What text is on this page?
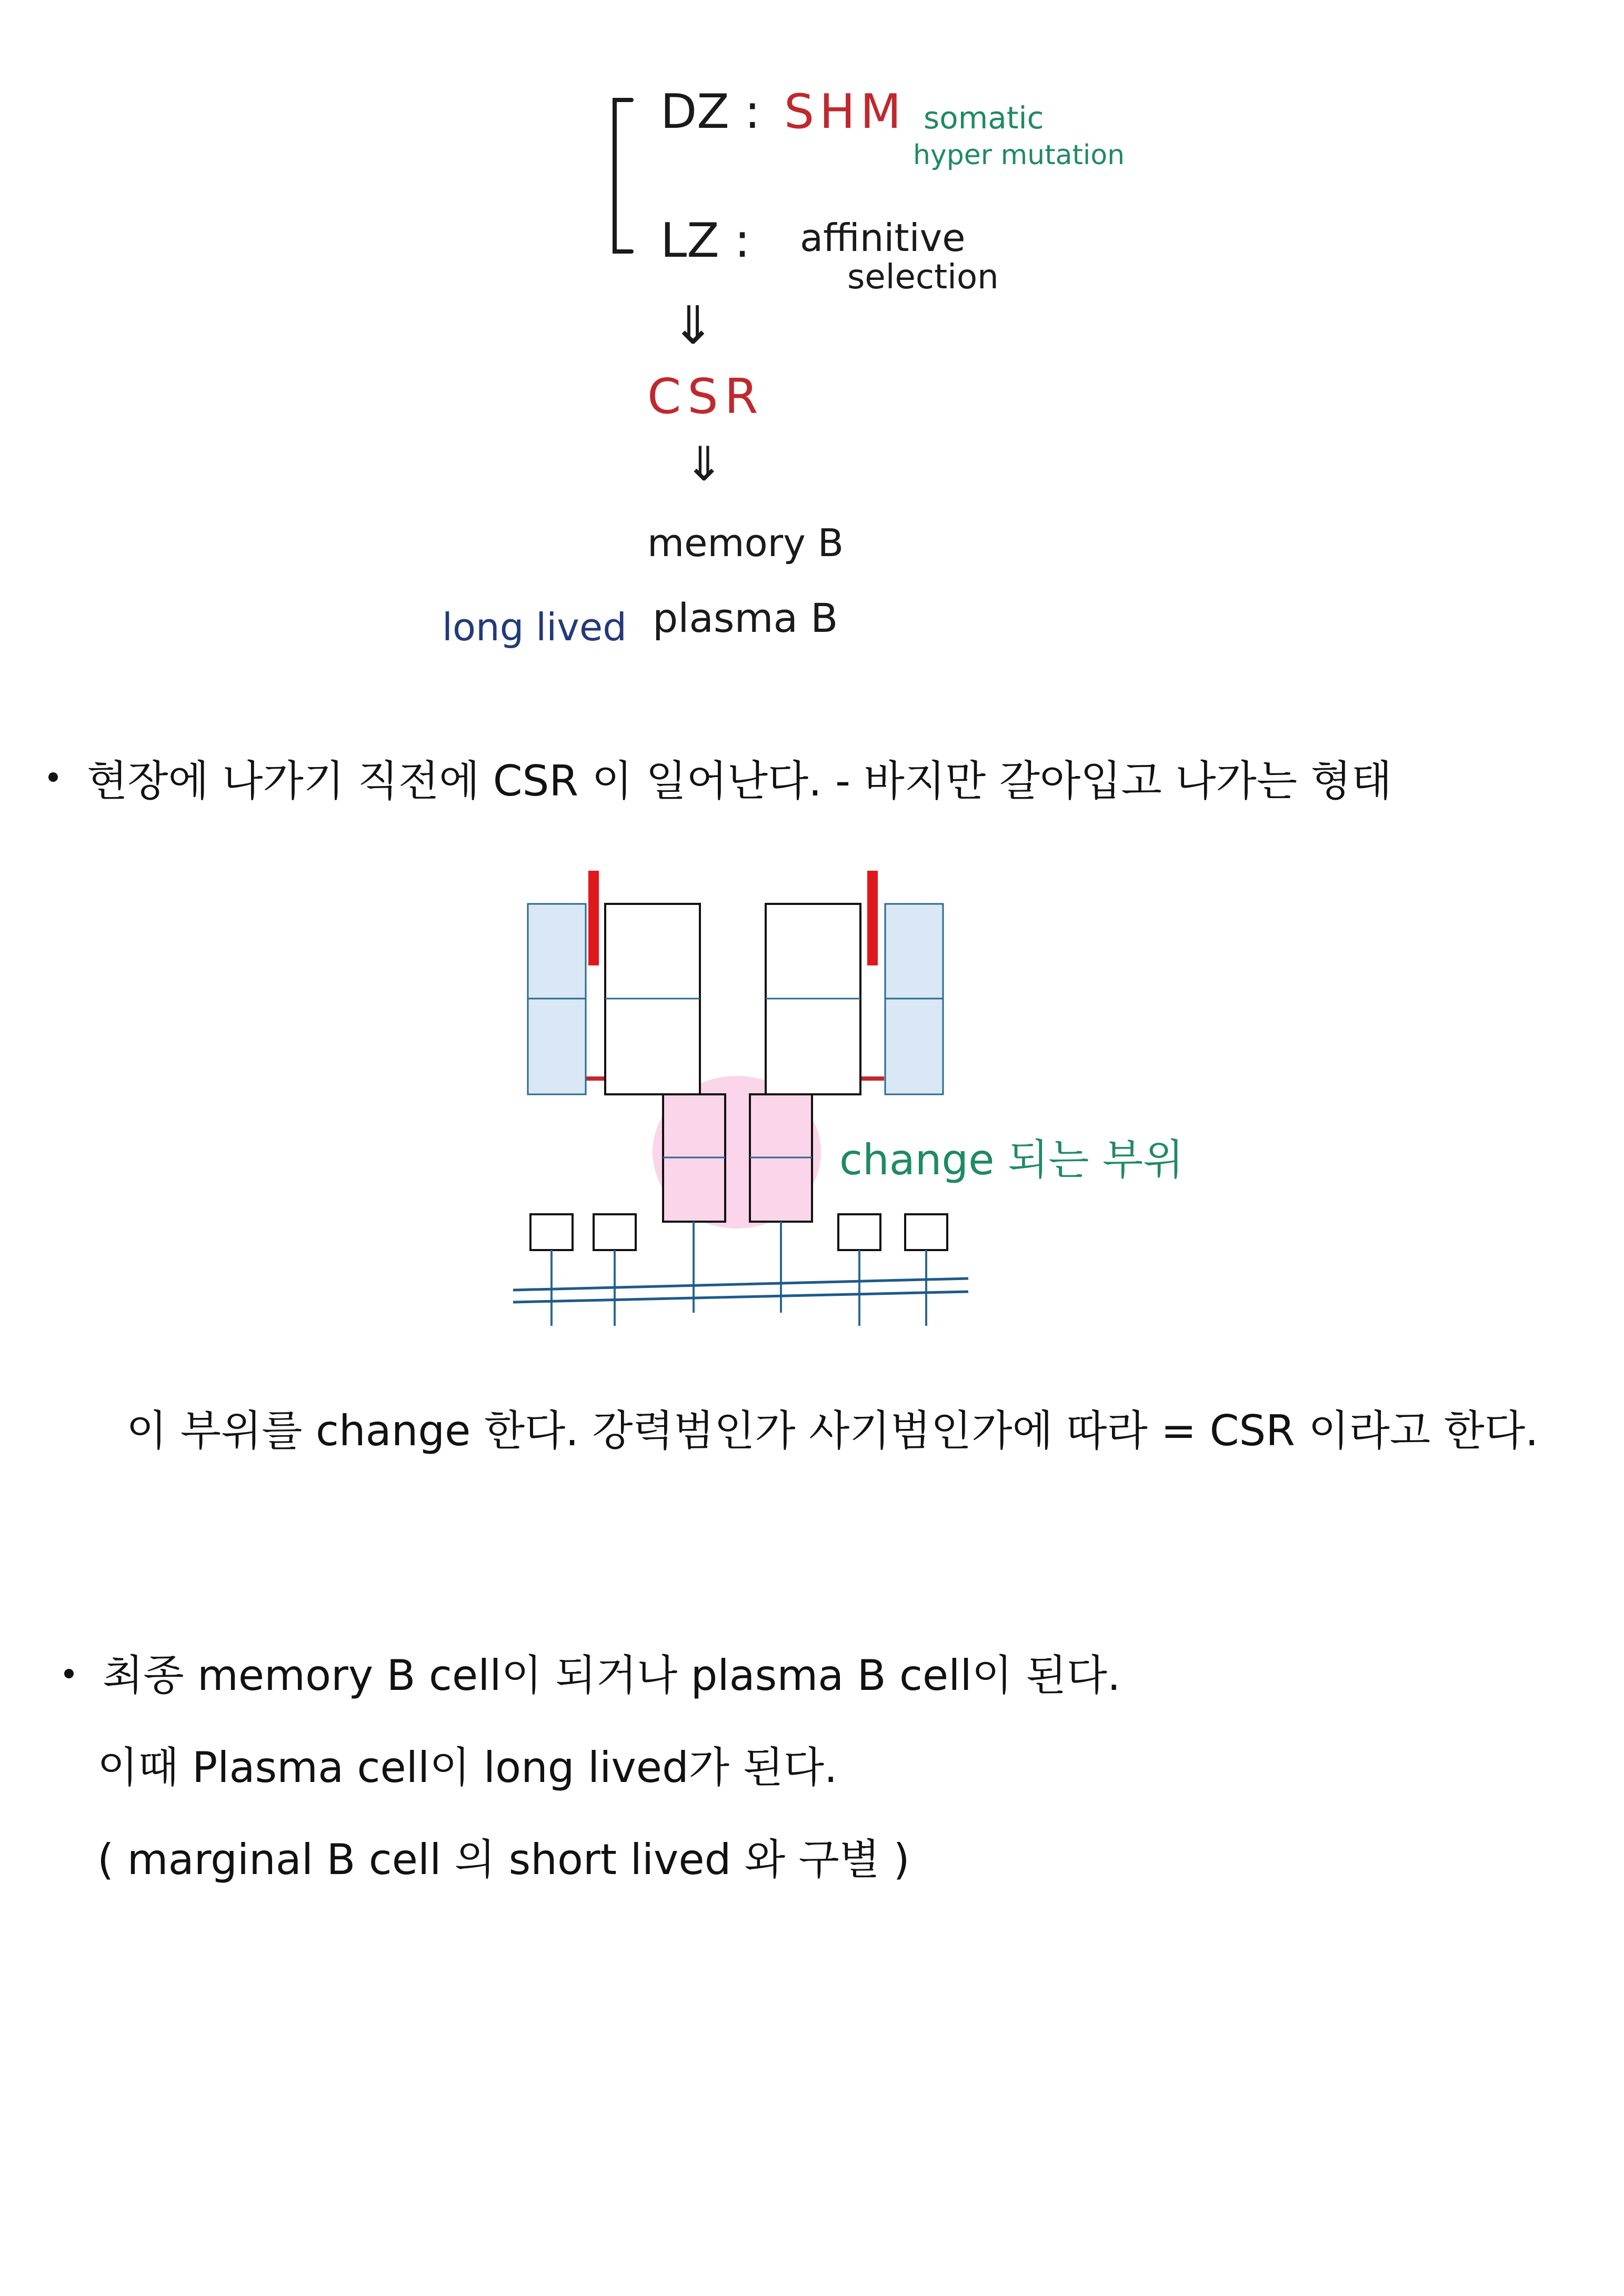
DZ : SHM somatic
hyper mutation
LZ : affinitive
selection
⇓
CSR
⇓
memory B
long lived plasma B
현장에 나가기 직전에 CSR 이 일어난다. - 바지만 갈아입고 나가는 형태
change 되는 부위
이 부위를 change 한다. 강력범인가 사기범인가에 따라 = CSR 이라고 한다.
최종 memory B cell이 되거나 plasma B cell이 된다.
이때 Plasma cell이 long lived가 된다.
( marginal B cell 의 short lived 와 구별 )
